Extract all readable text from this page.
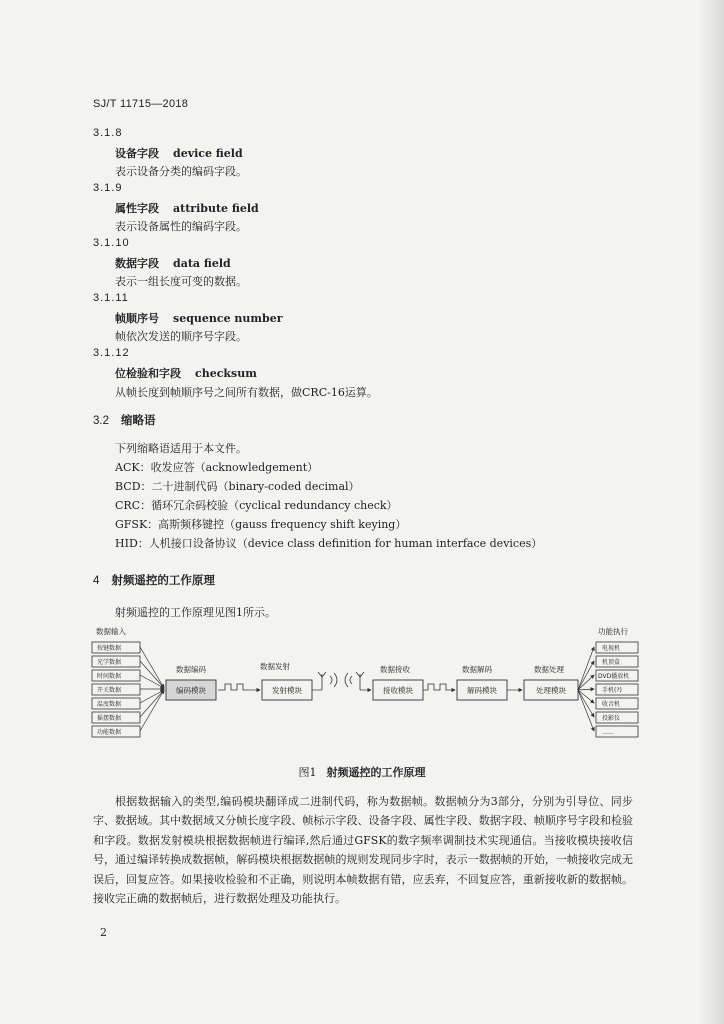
SJ/T 11715—2018
3.1.8
设备字段 device field
表示设备分类的编码字段。
3.1.9
属性字段 attribute field
表示设备属性的编码字段。
3.1.10
数据字段 data field
表示一组长度可变的数据。
3.1.11
帧顺序号 sequence number
帧依次发送的顺序号字段。
3.1.12
位检验和字段 checksum
从帧长度到帧顺序号之间所有数据，做CRC-16运算。
3.2 缩略语
下列缩略语适用于本文件。
ACK：收发应答（acknowledgement）
BCD：二十进制代码（binary-coded decimal）
CRC：循环冗余码校验（cyclical redundancy check）
GFSK：高斯频移键控（gauss frequency shift keying）
HID：人机接口设备协议（device class definition for human interface devices）
4 射频遥控的工作原理
射频遥控的工作原理见图1所示。
数据输入
按键数据
光学数据
时间数据
开关数据
温度数据
摇摆数据
功能数据
数据编码	数据发射	数据接收	数据解码	数据处理
编码模块	发射模块	接收模块	解码模块	处理模块
功能执行
电视机
机顶盒
DVD播放机
手机(?)
收音机
投影仪
……
图1 射频遥控的工作原理
根据数据输入的类型,编码模块翻译成二进制代码，称为数据帧。数据帧分为3部分，分别为引导位、同步字、数据域。其中数据域又分帧长度字段、帧标示字段、设备字段、属性字段、数据字段、帧顺序号字段和检验和字段。数据发射模块根据数据帧进行编译,然后通过GFSK的数字频率调制技术实现通信。当接收模块接收信号，通过编译转换成数据帧，解码模块根据数据帧的规则发现同步字时，表示一数据帧的开始，一帧接收完成无误后，回复应答。如果接收检验和不正确，则说明本帧数据有错，应丢弃，不回复应答，重新接收新的数据帧。接收完正确的数据帧后，进行数据处理及功能执行。
2
